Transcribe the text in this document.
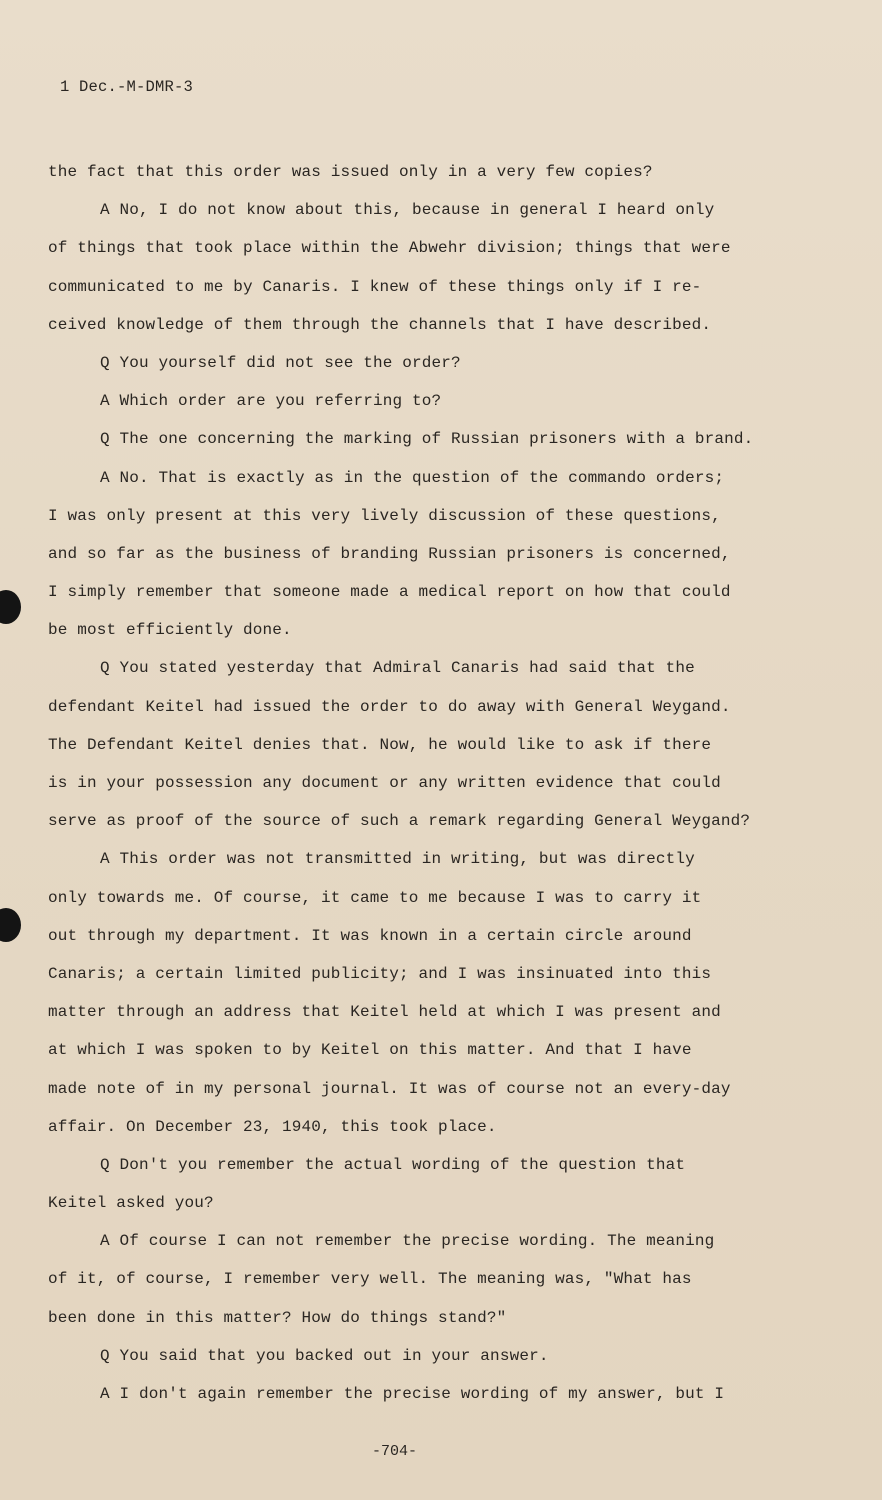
1 Dec.-M-DMR-3
the fact that this order was issued only in a very few copies?
A No, I do not know about this, because in general I heard only
of things that took place within the Abwehr division; things that were
communicated to me by Canaris. I knew of these things only if I re-
ceived knowledge of them through the channels that I have described.
Q You yourself did not see the order?
A Which order are you referring to?
Q The one concerning the marking of Russian prisoners with a brand.
A No. That is exactly as in the question of the commando orders;
I was only present at this very lively discussion of these questions,
and so far as the business of branding Russian prisoners is concerned,
I simply remember that someone made a medical report on how that could
be most efficiently done.
Q You stated yesterday that Admiral Canaris had said that the
defendant Keitel had issued the order to do away with General Weygand.
The Defendant Keitel denies that. Now, he would like to ask if there
is in your possession any document or any written evidence that could
serve as proof of the source of such a remark regarding General Weygand?
A This order was not transmitted in writing, but was directly
only towards me. Of course, it came to me because I was to carry it
out through my department. It was known in a certain circle around
Canaris; a certain limited publicity; and I was insinuated into this
matter through an address that Keitel held at which I was present and
at which I was spoken to by Keitel on this matter. And that I have
made note of in my personal journal. It was of course not an every-day
affair. On December 23, 1940, this took place.
Q Don't you remember the actual wording of the question that
Keitel asked you?
A Of course I can not remember the precise wording. The meaning
of it, of course, I remember very well. The meaning was, "What has
been done in this matter? How do things stand?"
Q You said that you backed out in your answer.
A I don't again remember the precise wording of my answer, but I
-704-
